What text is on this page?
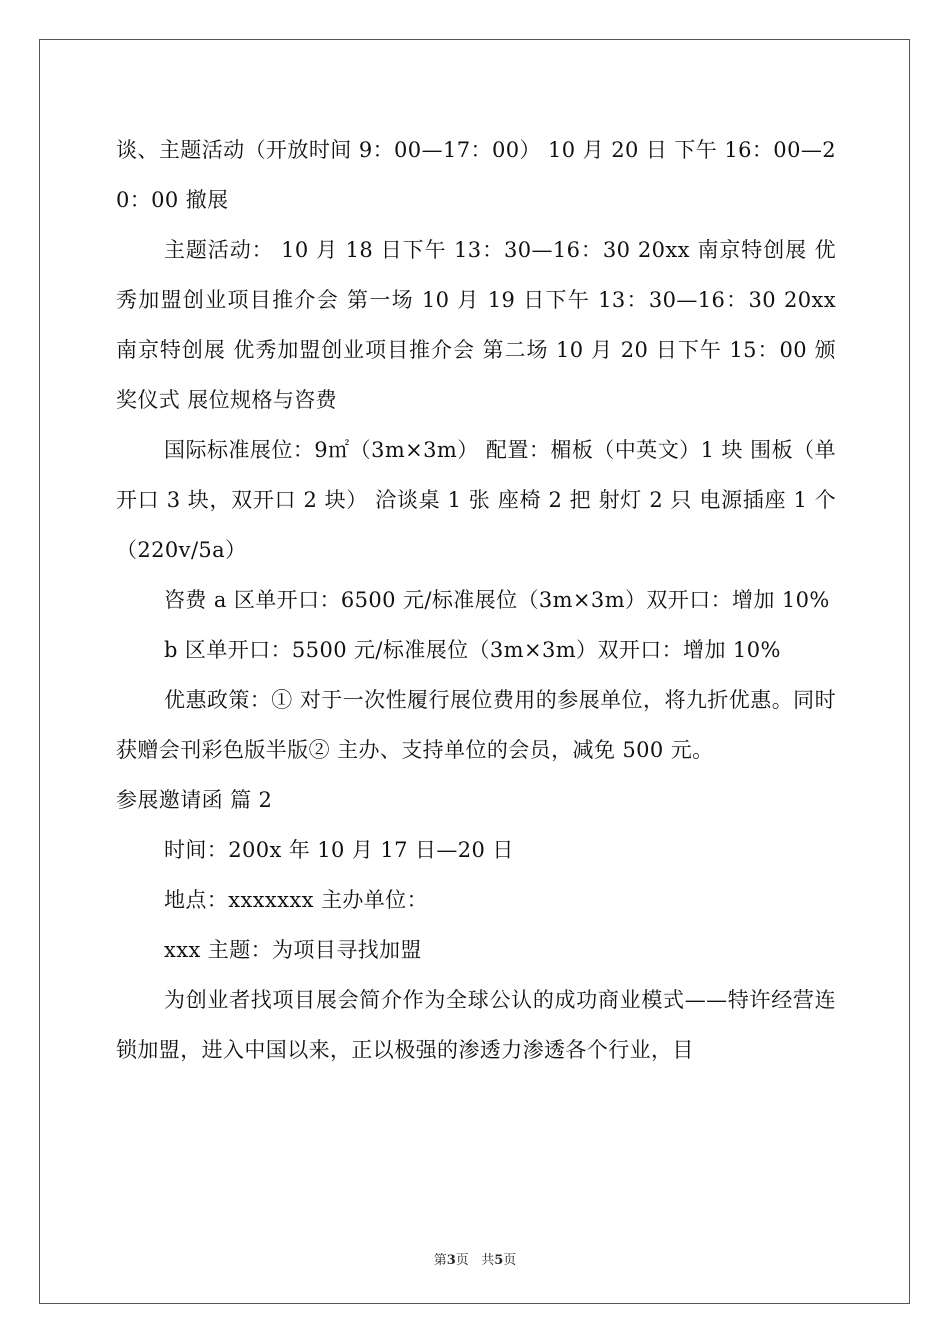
谈、主题活动（开放时间 9：00—17：00） 10 月 20 日 下午 16：00—20：00 撤展

主题活动： 10 月 18 日下午 13：30—16：30 20xx 南京特创展 优秀加盟创业项目推介会 第一场 10 月 19 日下午 13：30—16：30 20xx 南京特创展 优秀加盟创业项目推介会 第二场 10 月 20 日下午 15：00 颁奖仪式 展位规格与咨费

国际标准展位：9㎡（3m×3m） 配置：楣板（中英文）1 块 围板（单开口 3 块，双开口 2 块） 洽谈桌 1 张 座椅 2 把 射灯 2 只 电源插座 1 个（220v/5a）

咨费 a 区单开口：6500 元/标准展位（3m×3m）双开口：增加 10%

b 区单开口：5500 元/标准展位（3m×3m）双开口：增加 10%

优惠政策：① 对于一次性履行展位费用的参展单位，将九折优惠。同时获赠会刊彩色版半版② 主办、支持单位的会员，减免 500 元。

参展邀请函 篇 2

时间：200x 年 10 月 17 日—20 日

地点：xxxxxxx 主办单位：

xxx 主题：为项目寻找加盟

为创业者找项目展会简介作为全球公认的成功商业模式——特许经营连锁加盟，进入中国以来，正以极强的渗透力渗透各个行业，目

第3页 共5页
